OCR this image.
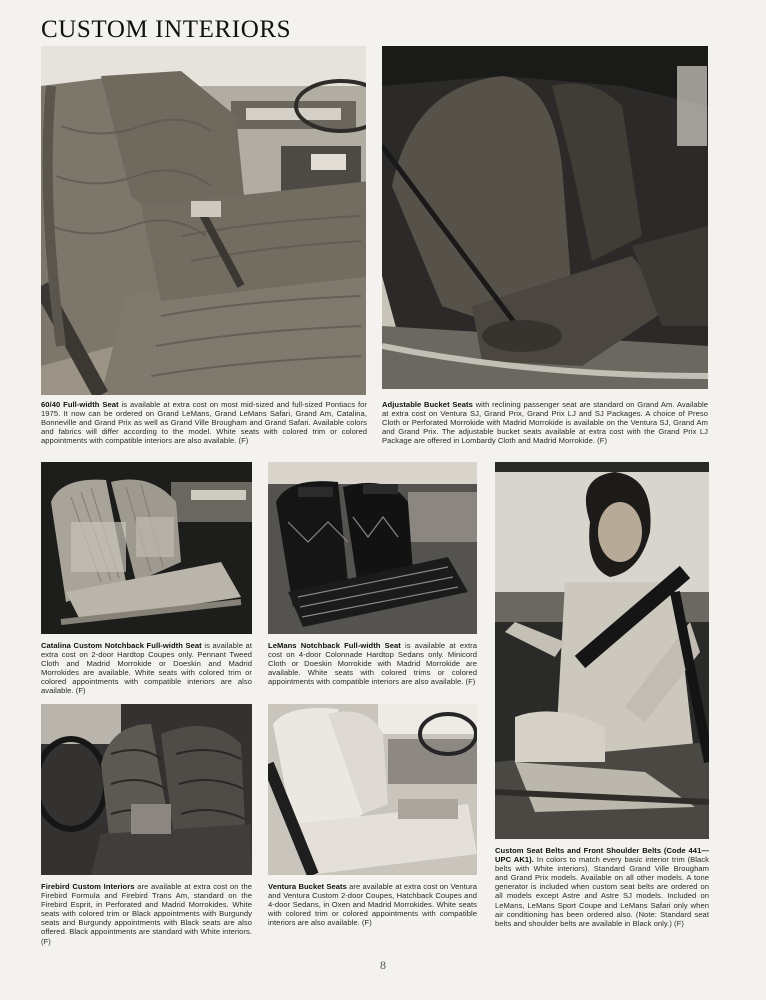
CUSTOM INTERIORS
60/40 Full-width Seat is available at extra cost on most mid-sized and full-sized Pontiacs for 1975. It now can be ordered on Grand LeMans, Grand LeMans Safari, Grand Am, Catalina, Bonneville and Grand Prix as well as Grand Ville Brougham and Grand Safari. Available colors and fabrics will differ according to the model. White seats with colored trim or colored appointments with compatible interiors are also available. (F)
Adjustable Bucket Seats with reclining passenger seat are standard on Grand Am. Available at extra cost on Ventura SJ, Grand Prix, Grand Prix LJ and SJ Packages. A choice of Preso Cloth or Perforated Morrokide with Madrid Morrokide is available on the Ventura SJ, Grand Am and Grand Prix. The adjustable bucket seats available at extra cost with the Grand Prix LJ Package are offered in Lombardy Cloth and Madrid Morrokide. (F)
Catalina Custom Notchback Full-width Seat is available at extra cost on 2-door Hardtop Coupes only. Pennant Tweed Cloth and Madrid Morrokide or Doeskin and Madrid Morrokides are available. White seats with colored trim or colored appointments with compatible interiors are also available. (F)
LeMans Notchback Full-width Seat is available at extra cost on 4-door Colonnade Hardtop Sedans only. Minicord Cloth or Doeskin Morrokide with Madrid Morrokide are available. White seats with colored trims or colored appointments with compatible interiors are also available. (F)
Custom Seat Belts and Front Shoulder Belts (Code 441—UPC AK1). In colors to match every basic interior trim (Black belts with White interiors). Standard Grand Ville Brougham and Grand Prix models. Available on all other models. A tone generator is included when custom seat belts are ordered on all models except Astre and Astre SJ models. Included on LeMans, LeMans Sport Coupe and LeMans Safari only when air conditioning has been ordered also. (Note: Standard seat belts and shoulder belts are available in Black only.) (F)
Firebird Custom Interiors are available at extra cost on the Firebird Formula and Firebird Trans Am, standard on the Firebird Esprit, in Perforated and Madrid Morrokides. White seats with colored trim or Black appointments with Burgundy seats and Burgundy appointments with Black seats are also offered. Black appointments are standard with White interiors. (F)
Ventura Bucket Seats are available at extra cost on Ventura and Ventura Custom 2-door Coupes, Hatchback Coupes and 4-door Sedans, in Oxen and Madrid Morrokides. White seats with colored trim or colored appointments with compatible interiors are also available. (F)
8
